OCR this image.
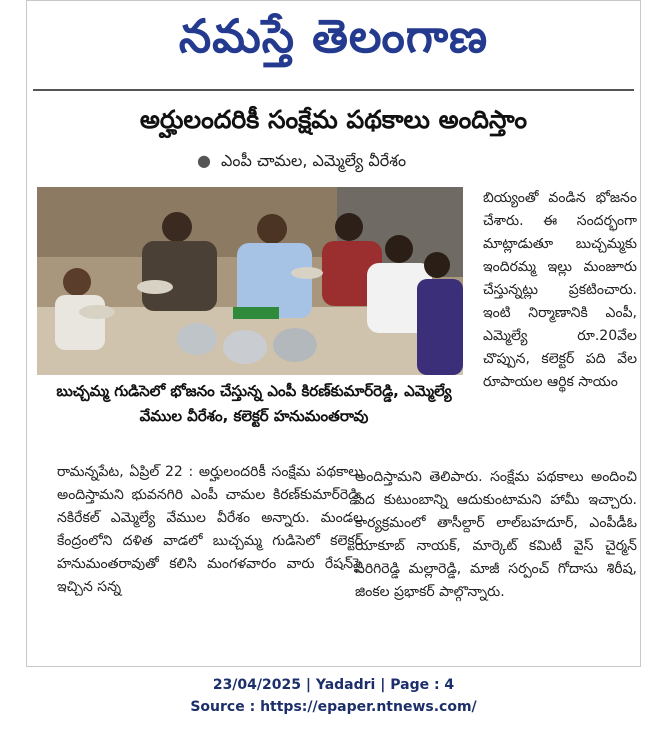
నమస్తే తెలంగాణ
అర్హులందరికీ సంక్షేమ పథకాలు అందిస్తాం
● ఎంపీ చామల, ఎమ్మెల్యే వీరేశం
బుచ్చమ్మ గుడిసెలో భోజనం చేస్తున్న ఎంపీ కిరణ్‌కుమార్‌రెడ్డి, ఎమ్మెల్యే వేముల వీరేశం, కలెక్టర్‌ హనుమంతరావు
బియ్యంతో వండిన భోజనం చేశారు. ఈ సందర్భంగా మాట్లాడుతూ బుచ్చమ్మకు ఇందిరమ్మ ఇల్లు మంజూరు చేస్తున్నట్లు ప్రకటించారు. ఇంటి నిర్మాణానికి ఎంపీ, ఎమ్మెల్యే రూ.20వేల చొప్పున, కలెక్టర్‌ పది వేల రూపాయల ఆర్థిక సాయం
రామన్నపేట, ఏప్రిల్‌ 22 : అర్హులందరికీ సంక్షేమ పథకాలు అందిస్తామని భువనగిరి ఎంపీ చామల కిరణ్‌కుమార్‌రెడ్డి, నకిరేకల్‌ ఎమ్మెల్యే వేముల వీరేశం అన్నారు. మండల కేంద్రంలోని దళిత వాడలో బుచ్చమ్మ గుడిసెలో కలెక్టర్‌ హనుమంతరావుతో కలిసి మంగళవారం వారు రేషన్‌పై ఇచ్చిన సన్న
అందిస్తామని తెలిపారు. సంక్షేమ పథకాలు అందించి పేద కుటుంబాన్ని ఆదుకుంటామని హామీ ఇచ్చారు. కార్యక్రమంలో తాసీల్దార్‌ లాల్‌బహదూర్‌, ఎంపీడీఓ యాకూబ్‌ నాయక్‌, మార్కెట్‌ కమిటీ వైస్‌ చైర్మన్‌ సిరిగిరెడ్డి మల్లారెడ్డి, మాజీ సర్పంచ్‌ గోదాసు శిరీష, జింకల ప్రభాకర్‌ పాల్గొన్నారు.
23/04/2025 | Yadadri | Page : 4
Source : https://epaper.ntnews.com/
